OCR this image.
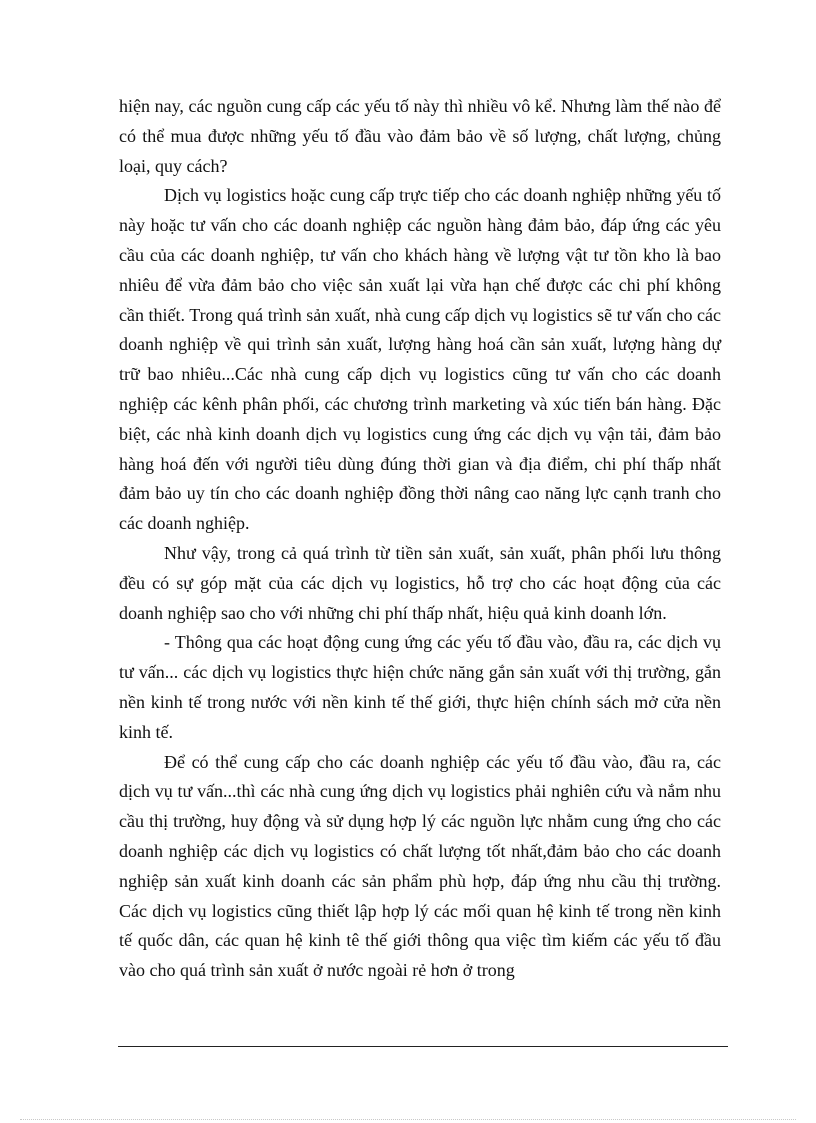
hiện nay, các nguồn cung cấp các yếu tố này thì nhiều vô kể. Nhưng làm thế nào để có thể mua được những yếu tố đầu vào đảm bảo về số lượng, chất lượng, chủng loại, quy cách?

Dịch vụ logistics hoặc cung cấp trực tiếp cho các doanh nghiệp những yếu tố này hoặc tư vấn cho các doanh nghiệp các nguồn hàng đảm bảo, đáp ứng các yêu cầu của các doanh nghiệp, tư vấn cho khách hàng về lượng vật tư tồn kho là bao nhiêu để vừa đảm bảo cho việc sản xuất lại vừa hạn chế được các chi phí không cần thiết. Trong quá trình sản xuất, nhà cung cấp dịch vụ logistics sẽ tư vấn cho các doanh nghiệp về qui trình sản xuất, lượng hàng hoá cần sản xuất, lượng hàng dự trữ bao nhiêu...Các nhà cung cấp dịch vụ logistics cũng tư vấn cho các doanh nghiệp các kênh phân phối, các chương trình marketing và xúc tiến bán hàng. Đặc biệt, các nhà kinh doanh dịch vụ logistics cung ứng các dịch vụ vận tải, đảm bảo hàng hoá đến với người tiêu dùng đúng thời gian và địa điểm, chi phí thấp nhất đảm bảo uy tín cho các doanh nghiệp đồng thời nâng cao năng lực cạnh tranh cho các doanh nghiệp.

Như vậy, trong cả quá trình từ tiền sản xuất, sản xuất, phân phối lưu thông đều có sự góp mặt của các dịch vụ logistics, hỗ trợ cho các hoạt động của các doanh nghiệp sao cho với những chi phí thấp nhất, hiệu quả kinh doanh lớn.

- Thông qua các hoạt động cung ứng các yếu tố đầu vào, đầu ra, các dịch vụ tư vấn... các dịch vụ logistics thực hiện chức năng gắn sản xuất với thị trường, gắn nền kinh tế trong nước với nền kinh tế thế giới, thực hiện chính sách mở cửa nền kinh tế.

Để có thể cung cấp cho các doanh nghiệp các yếu tố đầu vào, đầu ra, các dịch vụ tư vấn...thì các nhà cung ứng dịch vụ logistics phải nghiên cứu và nắm nhu cầu thị trường, huy động và sử dụng hợp lý các nguồn lực nhằm cung ứng cho các doanh nghiệp các dịch vụ logistics có chất lượng tốt nhất,đảm bảo cho các doanh nghiệp sản xuất kinh doanh các sản phẩm phù hợp, đáp ứng nhu cầu thị trường. Các dịch vụ logistics cũng thiết lập hợp lý các mối quan hệ kinh tế trong nền kinh tế quốc dân, các quan hệ kinh tê thế giới thông qua việc tìm kiếm các yếu tố đầu vào cho quá trình sản xuất ở nước ngoài rẻ hơn ở trong
